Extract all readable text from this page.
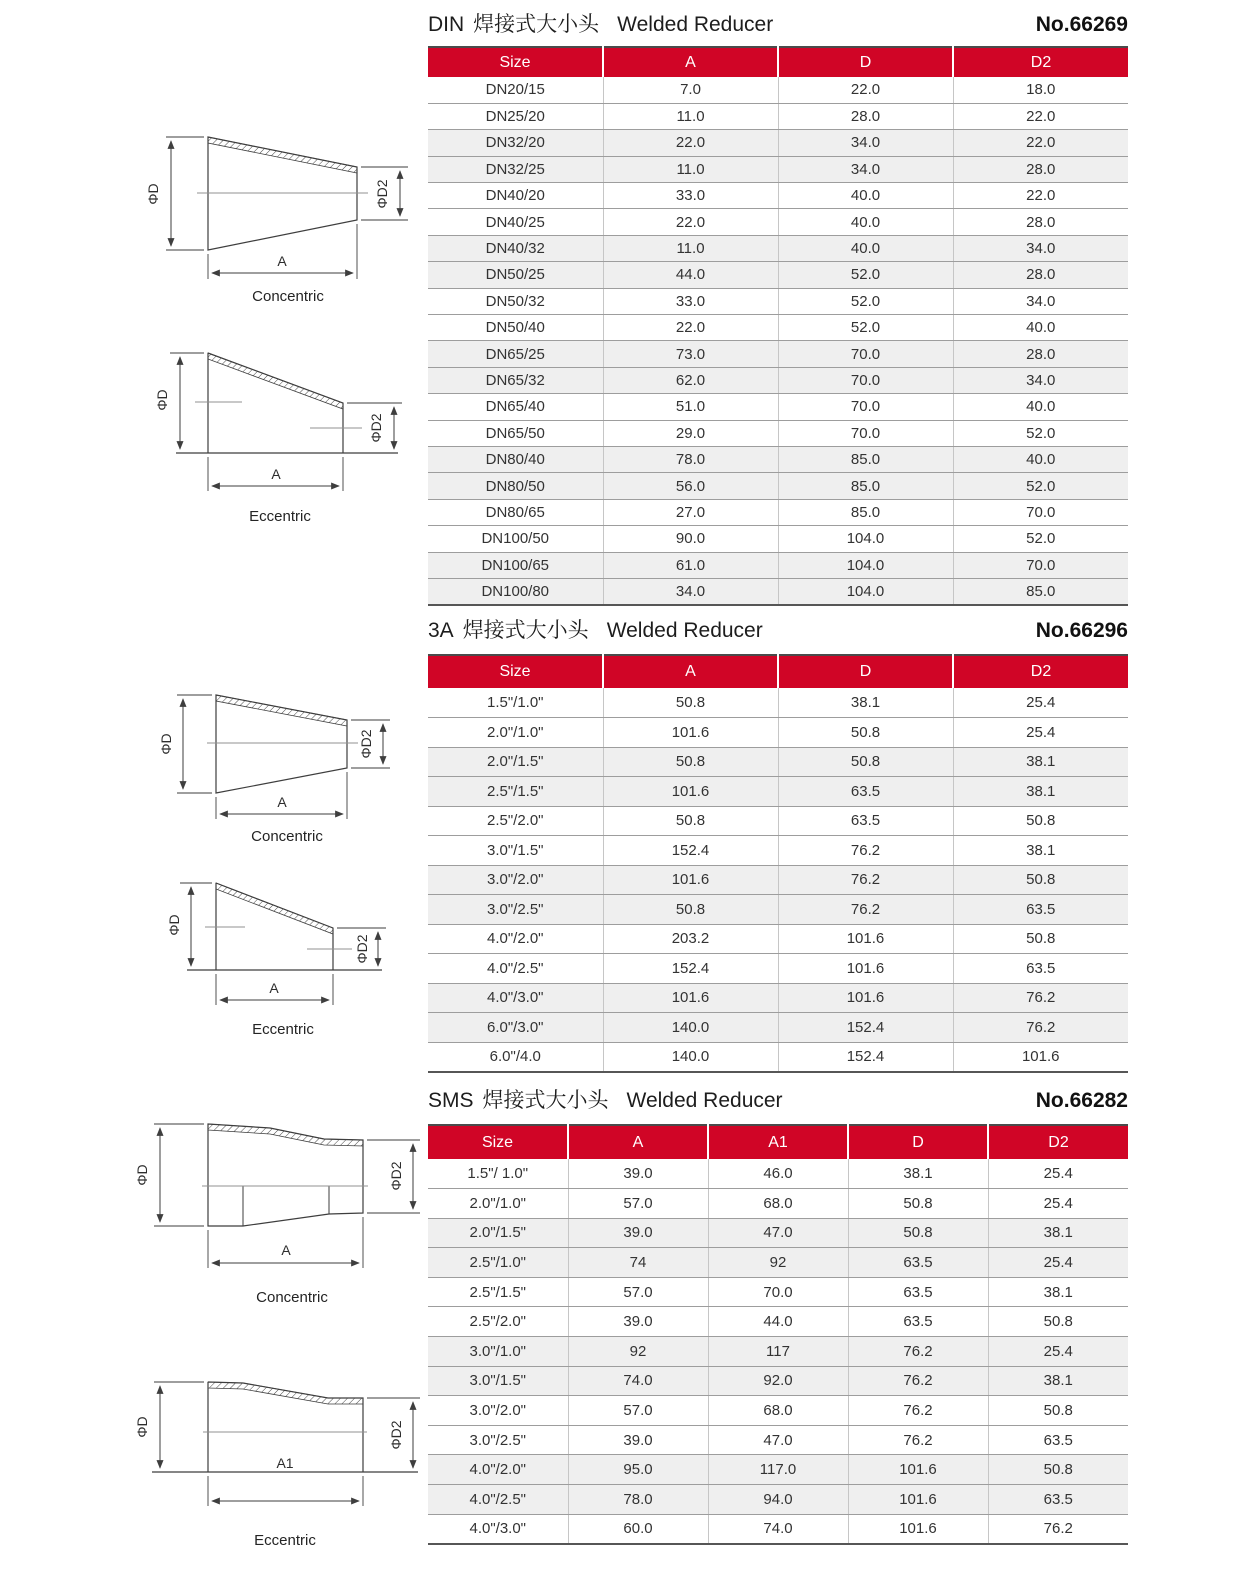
ΦD	ΦD2
A
Concentric
ΦD
ΦD2
A
Eccentric
ΦD	ΦD2
A
Concentric
ΦD
ΦD2
A
Eccentric
ΦD	ΦD2
A
Concentric
ΦD	ΦD2
A1
Eccentric
DIN 焊接式大小头 Welded Reducer	No.66269
Size	A	D	D2
DN20/15	7.0	22.0	18.0
DN25/20	11.0	28.0	22.0
DN32/20	22.0	34.0	22.0
DN32/25	11.0	34.0	28.0
DN40/20	33.0	40.0	22.0
DN40/25	22.0	40.0	28.0
DN40/32	11.0	40.0	34.0
DN50/25	44.0	52.0	28.0
DN50/32	33.0	52.0	34.0
DN50/40	22.0	52.0	40.0
DN65/25	73.0	70.0	28.0
DN65/32	62.0	70.0	34.0
DN65/40	51.0	70.0	40.0
DN65/50	29.0	70.0	52.0
DN80/40	78.0	85.0	40.0
DN80/50	56.0	85.0	52.0
DN80/65	27.0	85.0	70.0
DN100/50	90.0	104.0	52.0
DN100/65	61.0	104.0	70.0
DN100/80	34.0	104.0	85.0
3A 焊接式大小头 Welded Reducer	No.66296
Size	A	D	D2
1.5"/1.0"	50.8	38.1	25.4
2.0"/1.0"	101.6	50.8	25.4
2.0"/1.5"	50.8	50.8	38.1
2.5"/1.5"	101.6	63.5	38.1
2.5"/2.0"	50.8	63.5	50.8
3.0"/1.5"	152.4	76.2	38.1
3.0"/2.0"	101.6	76.2	50.8
3.0"/2.5"	50.8	76.2	63.5
4.0"/2.0"	203.2	101.6	50.8
4.0"/2.5"	152.4	101.6	63.5
4.0"/3.0"	101.6	101.6	76.2
6.0"/3.0"	140.0	152.4	76.2
6.0"/4.0	140.0	152.4	101.6
SMS 焊接式大小头 Welded Reducer	No.66282
Size	A	A1	D	D2
1.5"/ 1.0"	39.0	46.0	38.1	25.4
2.0"/1.0"	57.0	68.0	50.8	25.4
2.0"/1.5"	39.0	47.0	50.8	38.1
2.5"/1.0"	74	92	63.5	25.4
2.5"/1.5"	57.0	70.0	63.5	38.1
2.5"/2.0"	39.0	44.0	63.5	50.8
3.0"/1.0"	92	117	76.2	25.4
3.0"/1.5"	74.0	92.0	76.2	38.1
3.0"/2.0"	57.0	68.0	76.2	50.8
3.0"/2.5"	39.0	47.0	76.2	63.5
4.0"/2.0"	95.0	117.0	101.6	50.8
4.0"/2.5"	78.0	94.0	101.6	63.5
4.0"/3.0"	60.0	74.0	101.6	76.2
